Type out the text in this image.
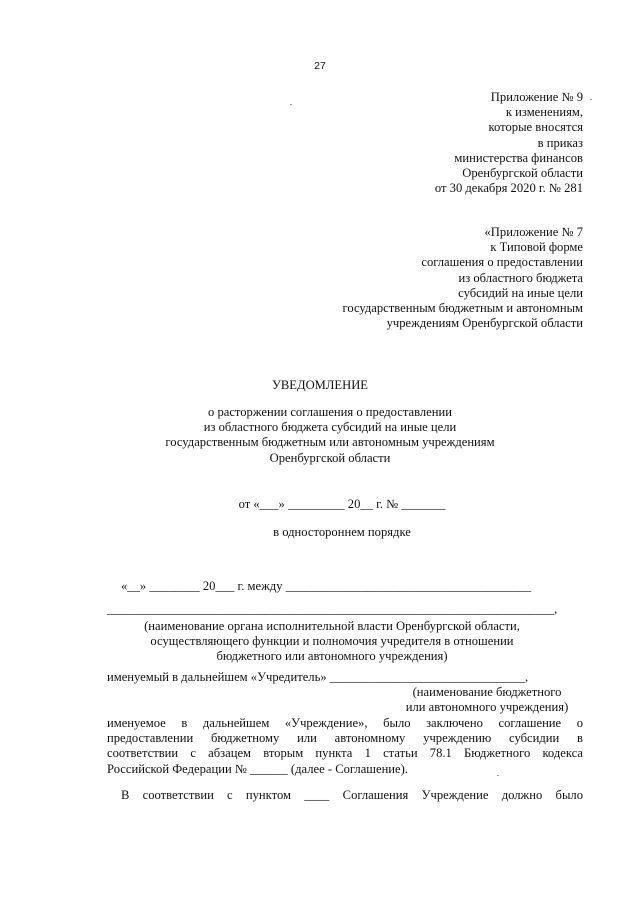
27
Приложение № 9
к изменениям,
которые вносятся
в приказ
министерства финансов
Оренбургской области
от 30 декабря 2020 г. № 281
«Приложение № 7
к Типовой форме
соглашения о предоставлении
из областного бюджета
субсидий на иные цели
государственным бюджетным и автономным
учреждениям Оренбургской области
УВЕДОМЛЕНИЕ
о расторжении соглашения о предоставлении
из областного бюджета субсидий на иные цели
государственным бюджетным или автономным учреждениям
Оренбургской области
от «___» _________ 20__ г. № _______
в одностороннем порядке
«__» ________ 20___ г. между _______________________________________
_______________________________________________________________________,
(наименование органа исполнительной власти Оренбургской области,
осуществляющего функции и полномочия учредителя в отношении
бюджетного или автономного учреждения)
именуемый в дальнейшем «Учредитель» _______________________________,
(наименование бюджетного
или автономного учреждения)
именуемое в дальнейшем «Учреждение», было заключено соглашение о
предоставлении бюджетному или автономному учреждению субсидии в
соответствии с абзацем вторым пункта 1 статьи 78.1 Бюджетного кодекса
Российской Федерации № ______ (далее - Соглашение).
В соответствии с пунктом ____ Соглашения Учреждение должно было
